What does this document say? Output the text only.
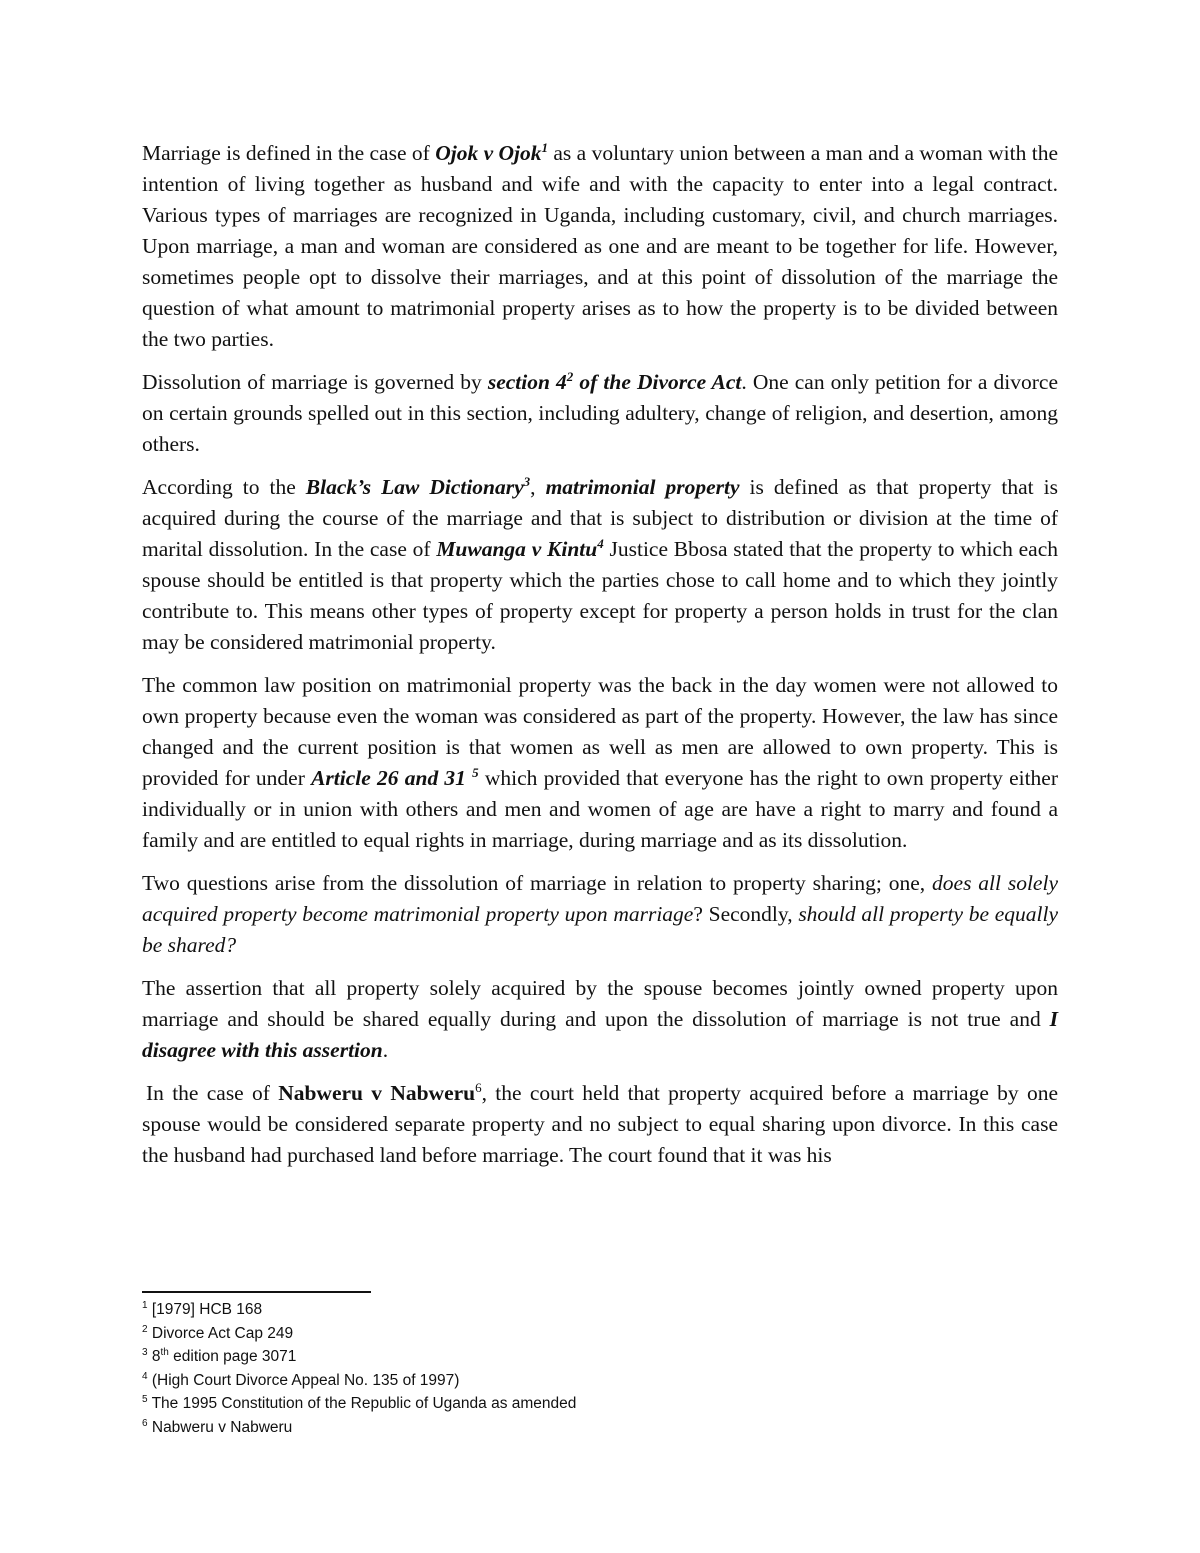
Marriage is defined in the case of Ojok v Ojok$^1$ as a voluntary union between a man and a woman with the intention of living together as husband and wife and with the capacity to enter into a legal contract. Various types of marriages are recognized in Uganda, including customary, civil, and church marriages. Upon marriage, a man and woman are considered as one and are meant to be together for life. However, sometimes people opt to dissolve their marriages, and at this point of dissolution of the marriage the question of what amount to matrimonial property arises as to how the property is to be divided between the two parties.

Dissolution of marriage is governed by section $4^2$ of the Divorce Act. One can only petition for a divorce on certain grounds spelled out in this section, including adultery, change of religion, and desertion, among others.

According to the Black’s Law Dictionary$^3$, matrimonial property is defined as that property that is acquired during the course of the marriage and that is subject to distribution or division at the time of marital dissolution. In the case of Muwanga v Kintu$^4$ Justice Bbosa stated that the property to which each spouse should be entitled is that property which the parties chose to call home and to which they jointly contribute to. This means other types of property except for property a person holds in trust for the clan may be considered matrimonial property.

The common law position on matrimonial property was the back in the day women were not allowed to own property because even the woman was considered as part of the property. However, the law has since changed and the current position is that women as well as men are allowed to own property. This is provided for under Article 26 and 31 $^5$ which provided that everyone has the right to own property either individually or in union with others and men and women of age are have a right to marry and found a family and are entitled to equal rights in marriage, during marriage and as its dissolution.

Two questions arise from the dissolution of marriage in relation to property sharing; one, does all solely acquired property become matrimonial property upon marriage? Secondly, should all property be equally be shared?

The assertion that all property solely acquired by the spouse becomes jointly owned property upon marriage and should be shared equally during and upon the dissolution of marriage is not true and I disagree with this assertion.

In the case of Nabweru v Nabweru$^6$, the court held that property acquired before a marriage by one spouse would be considered separate property and no subject to equal sharing upon divorce. In this case the husband had purchased land before marriage. The court found that it was his

$^1$ [1979] HCB 168
$^2$ Divorce Act Cap 249
$^3$ 8th edition page 3071
$^4$ (High Court Divorce Appeal No. 135 of 1997)
$^5$ The 1995 Constitution of the Republic of Uganda as amended
$^6$ Nabweru v Nabweru
